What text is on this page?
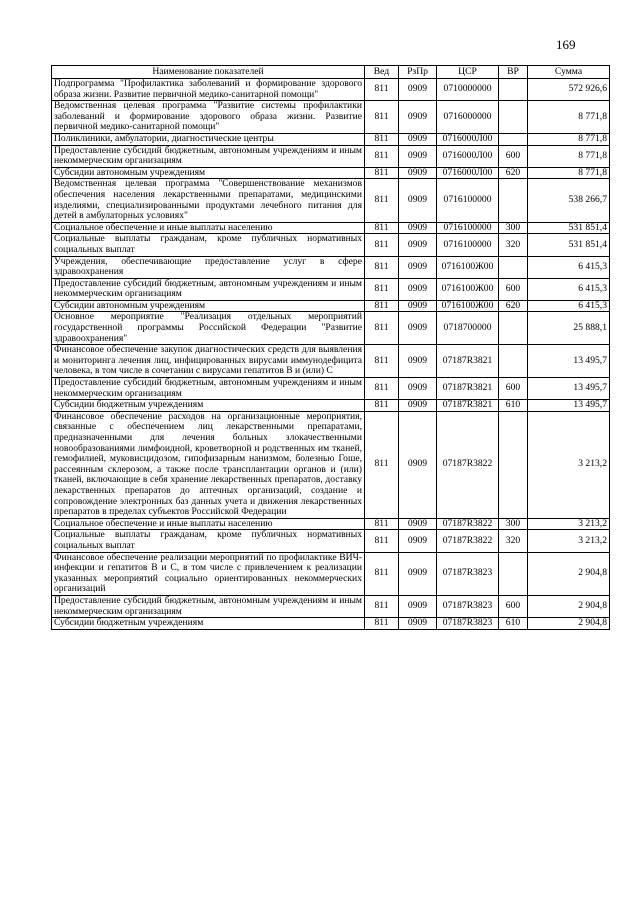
169
Наименование показателей	Вед	РзПр	ЦСР	ВР	Сумма
Подпрограмма "Профилактика заболеваний и формирование здорового образа жизни. Развитие первичной медико-санитарной помощи"	811	0909	0710000000		572 926,6
Ведомственная целевая программа "Развитие системы профилактики заболеваний и формирование здорового образа жизни. Развитие первичной медико-санитарной помощи"	811	0909	0716000000		8 771,8
Поликлиники, амбулатории, диагностические центры	811	0909	0716000Л00		8 771,8
Предоставление субсидий бюджетным, автономным учреждениям и иным некоммерческим организациям	811	0909	0716000Л00	600	8 771,8
Субсидии автономным учреждениям	811	0909	0716000Л00	620	8 771,8
Ведомственная целевая программа "Совершенствование механизмов обеспечения населения лекарственными препаратами, медицинскими изделиями, специализированными продуктами лечебного питания для детей в амбулаторных условиях"	811	0909	0716100000		538 266,7
Социальное обеспечение и иные выплаты населению	811	0909	0716100000	300	531 851,4
Социальные выплаты гражданам, кроме публичных нормативных социальных выплат	811	0909	0716100000	320	531 851,4
Учреждения, обеспечивающие предоставление услуг в сфере здравоохранения	811	0909	0716100Ж00		6 415,3
Предоставление субсидий бюджетным, автономным учреждениям и иным некоммерческим организациям	811	0909	0716100Ж00	600	6 415,3
Субсидии автономным учреждениям	811	0909	0716100Ж00	620	6 415,3
Основное мероприятие "Реализация отдельных мероприятий государственной программы Российской Федерации "Развитие здравоохранения"	811	0909	0718700000		25 888,1
Финансовое обеспечение закупок диагностических средств для выявления и мониторинга лечения лиц, инфицированных вирусами иммунодефицита человека, в том числе в сочетании с вирусами гепатитов В и (или) С	811	0909	07187R3821		13 495,7
Предоставление субсидий бюджетным, автономным учреждениям и иным некоммерческим организациям	811	0909	07187R3821	600	13 495,7
Субсидии бюджетным учреждениям	811	0909	07187R3821	610	13 495,7
Финансовое обеспечение расходов на организационные мероприятия, связанные с обеспечением лиц лекарственными препаратами, предназначенными для лечения больных злокачественными новообразованиями лимфоидной, кроветворной и родственных им тканей, гемофилией, муковисцидозом, гипофизарным нанизмом, болезнью Гоше, рассеянным склерозом, а также после трансплантации органов и (или) тканей, включающие в себя хранение лекарственных препаратов, доставку лекарственных препаратов до аптечных организаций, создание и сопровождение электронных баз данных учета и движения лекарственных препаратов в пределах субъектов Российской Федерации	811	0909	07187R3822		3 213,2
Социальное обеспечение и иные выплаты населению	811	0909	07187R3822	300	3 213,2
Социальные выплаты гражданам, кроме публичных нормативных социальных выплат	811	0909	07187R3822	320	3 213,2
Финансовое обеспечение реализации мероприятий по профилактике ВИЧ-инфекции и гепатитов В и С, в том числе с привлечением к реализации указанных мероприятий социально ориентированных некоммерческих организаций	811	0909	07187R3823		2 904,8
Предоставление субсидий бюджетным, автономным учреждениям и иным некоммерческим организациям	811	0909	07187R3823	600	2 904,8
Субсидии бюджетным учреждениям	811	0909	07187R3823	610	2 904,8
